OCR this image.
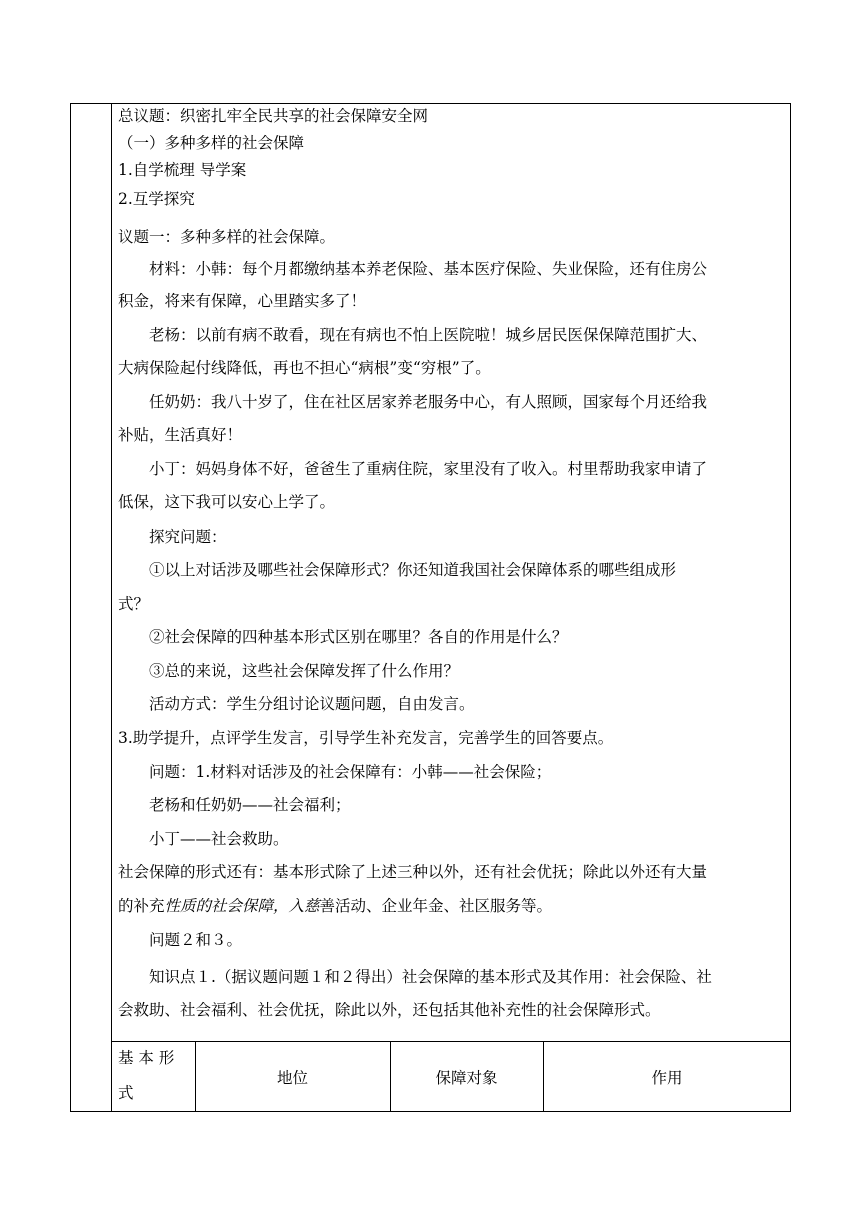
总议题：织密扎牢全民共享的社会保障安全网
（一）多种多样的社会保障
1.自学梳理 导学案
2.互学探究
议题一：多种多样的社会保障。
材料：小韩：每个月都缴纳基本养老保险、基本医疗保险、失业保险，还有住房公
积金，将来有保障，心里踏实多了！
老杨：以前有病不敢看，现在有病也不怕上医院啦！城乡居民医保保障范围扩大、
大病保险起付线降低，再也不担心“病根”变“穷根”了。
任奶奶：我八十岁了，住在社区居家养老服务中心，有人照顾，国家每个月还给我
补贴，生活真好！
小丁：妈妈身体不好，爸爸生了重病住院，家里没有了收入。村里帮助我家申请了
低保，这下我可以安心上学了。
探究问题：
①以上对话涉及哪些社会保障形式？你还知道我国社会保障体系的哪些组成形
式？
②社会保障的四种基本形式区别在哪里？各自的作用是什么？
③总的来说，这些社会保障发挥了什么作用？
活动方式：学生分组讨论议题问题，自由发言。
3.助学提升，点评学生发言，引导学生补充发言，完善学生的回答要点。
问题：1.材料对话涉及的社会保障有：小韩——社会保险；
老杨和任奶奶——社会福利；
小丁——社会救助。
社会保障的形式还有：基本形式除了上述三种以外，还有社会优抚；除此以外还有大量
的补充性质的社会保障，入慈善活动、企业年金、社区服务等。
问题２和３。
知识点１.（据议题问题１和２得出）社会保障的基本形式及其作用：社会保险、社
会救助、社会福利、社会优抚，除此以外，还包括其他补充性的社会保障形式。
基 本 形
式
地位	保障对象	作用
